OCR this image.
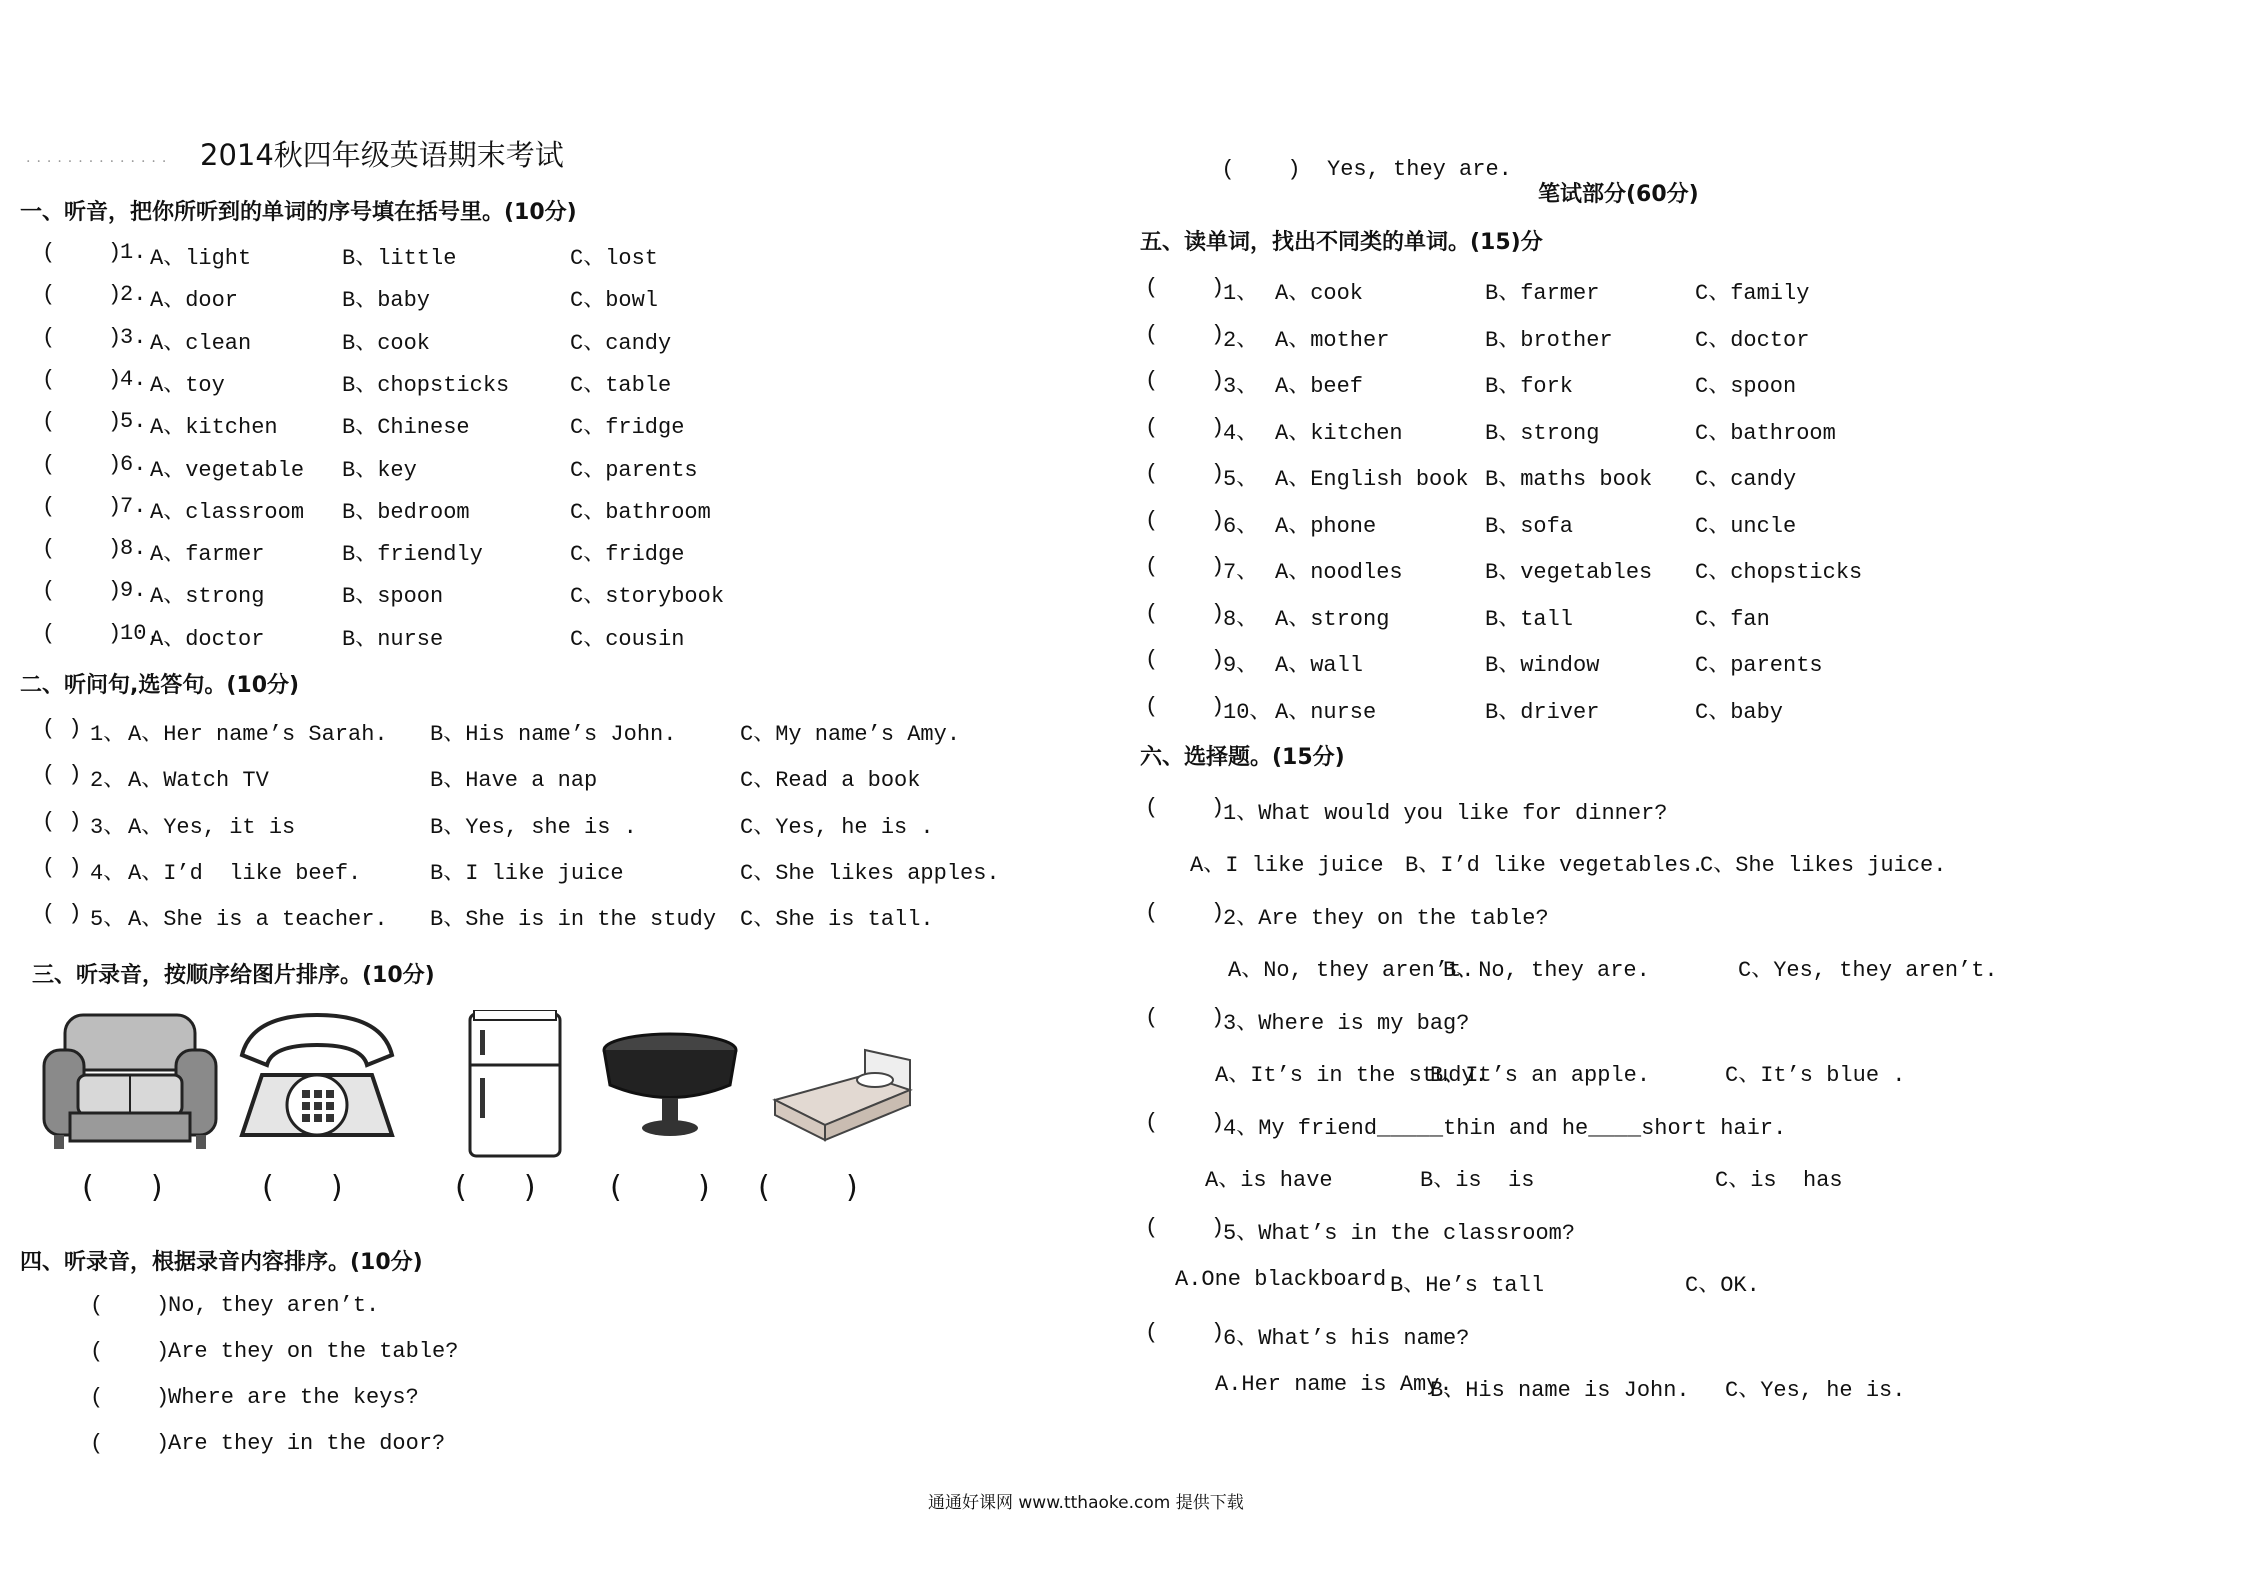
.............. 2014秋四年级英语期末考试
一、听音，把你所听到的单词的序号填在括号里。(10分)
(    )
1. A、light	B、little	C、lost
(    )
2. A、door	B、baby	C、bowl
(    )
3. A、clean	B、cook	C、candy
(    )
4. A、toy	B、chopsticks	C、table
(    )
5. A、kitchen	B、Chinese	C、fridge
(    )
6. A、vegetable B、key	C、parents
(    )
7. A、classroom B、bedroom	C、bathroom
(    )
8. A、farmer	B、friendly	C、fridge
(    )
9. A、strong	B、spoon	C、storybook
(    )
10.
A、doctor	B、nurse	C、cousin
二、听问句,选答句。(10分)
( ) 1、 A、Her name’s Sarah. B、His name’s John.	C、My name’s Amy.
( ) 2、 A、Watch TV	B、Have a nap	C、Read a book
( ) 3、 A、Yes, it is	B、Yes, she is .	C、Yes, he is .
( ) 4、 A、I’d  like beef.	B、I like juice	C、She likes apples.
( ) 5、 A、She is a teacher. B、She is in the study C、She is tall.
三、听录音，按顺序给图片排序。(10分)
(      )	(      )	(      ) (        ) (        )
四、听录音，根据录音内容排序。(10分)
(    )
No, they aren’t.
(    )
Are they on the table?
(    )
Where are the keys?
(    )
Are they in the door?

(    ) Yes, they are.

笔试部分(60分)
五、读单词，找出不同类的单词。(15)分
(    )
1、 A、cook	B、farmer	C、family
(    )
2、 A、mother	B、brother	C、doctor
(    )
3、 A、beef	B、fork	C、spoon
(    )
4、 A、kitchen	B、strong	C、bathroom
(    )
5、 A、English book B、maths book C、candy
(    )
6、 A、phone	B、sofa	C、uncle
(    )
7、 A、noodles	B、vegetables C、chopsticks
(    )
8、 A、strong	B、tall	C、fan
(    )
9、 A、wall	B、window	C、parents
(    )
10、 A、nurse	B、driver	C、baby
六、选择题。(15分)
(    )
1、What would you like for dinner?
A、I like juice B、I’d like vegetables.
C、She likes juice.
(    )
2、Are they on the table?
A、No, they aren’t.
B、No, they are.	C、Yes, they aren’t.
(    )
3、Where is my bag?
A、It’s in the study.
B、It’s an apple.	C、It’s blue .
(    )
4、My friend_____thin and he____short hair.
A、is have	B、is  is	C、is  has
(    )
5、What’s in the classroom?
A.One blackboard B、He’s tall	C、OK.
(    )
6、What’s his name?
A.Her name is Amy.
B、His name is John. C、Yes, he is.
通通好课网 www.tthaoke.com 提供下载
